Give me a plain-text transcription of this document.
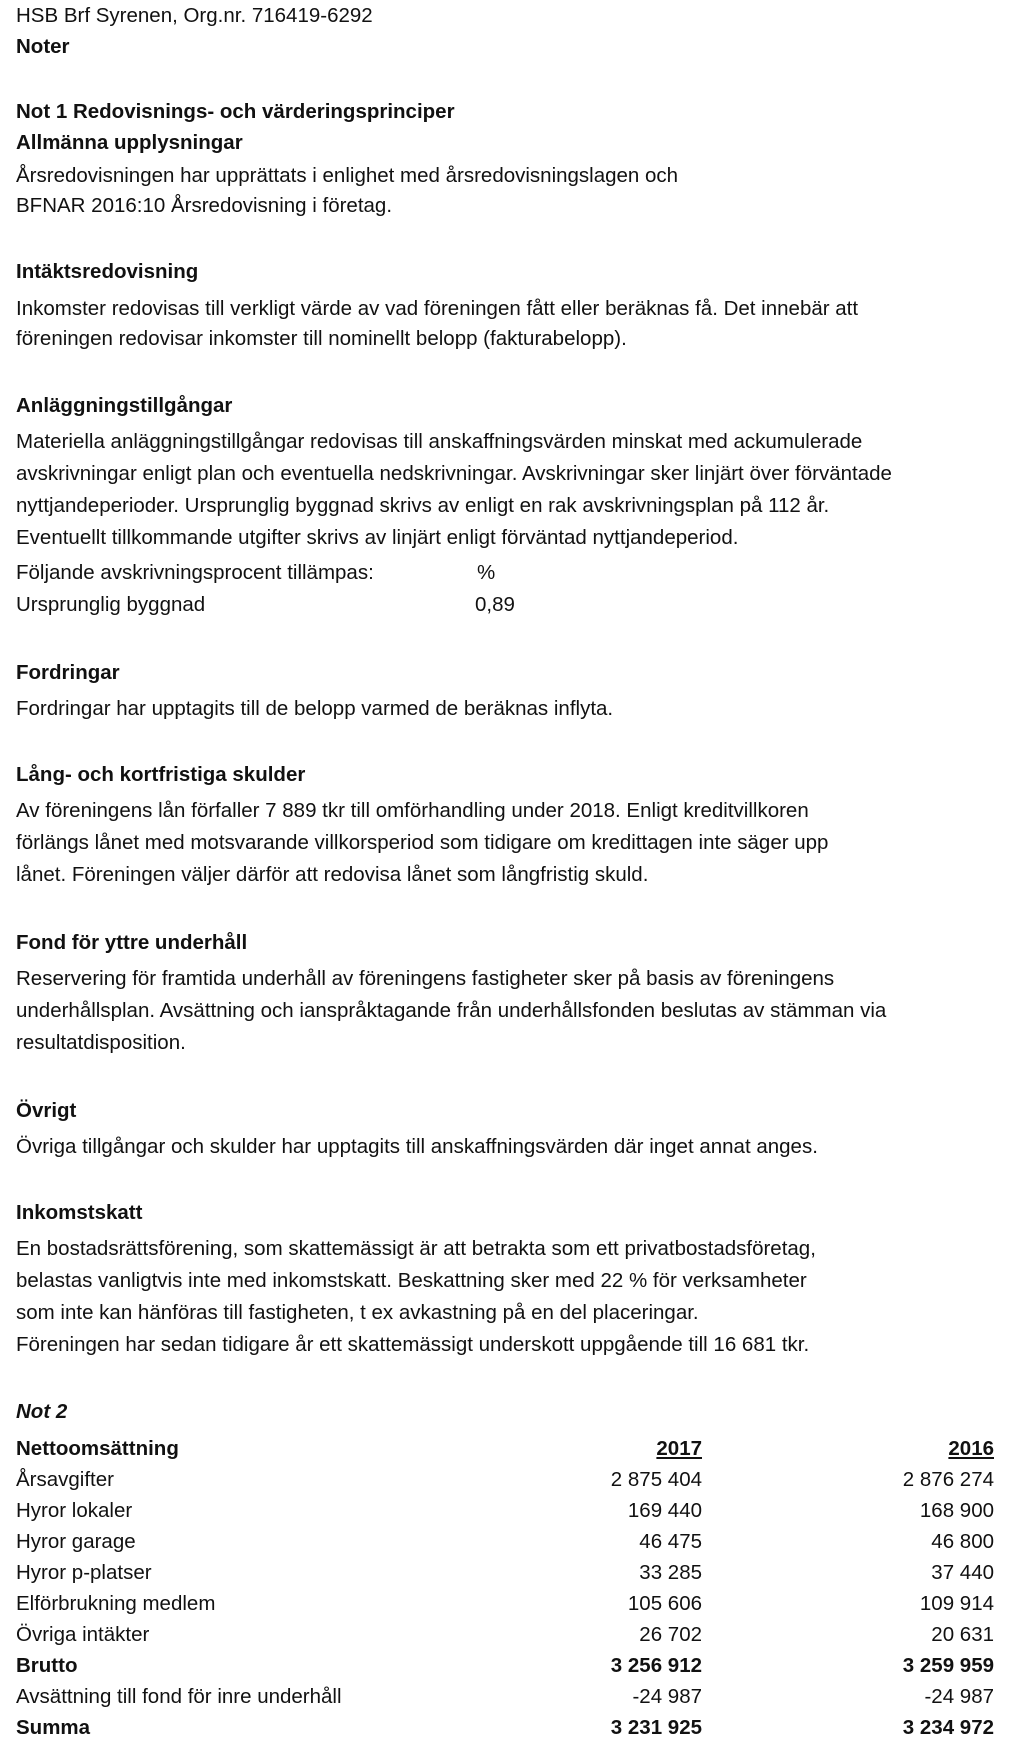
HSB Brf Syrenen, Org.nr. 716419-6292
Noter
Not 1 Redovisnings- och värderingsprinciper
Allmänna upplysningar
Årsredovisningen har upprättats i enlighet med årsredovisningslagen och
BFNAR 2016:10 Årsredovisning i företag.
Intäktsredovisning
Inkomster redovisas till verkligt värde av vad föreningen fått eller beräknas få. Det innebär att
föreningen redovisar inkomster till nominellt belopp (fakturabelopp).
Anläggningstillgångar
Materiella anläggningstillgångar redovisas till anskaffningsvärden minskat med ackumulerade
avskrivningar enligt plan och eventuella nedskrivningar. Avskrivningar sker linjärt över förväntade
nyttjandeperioder. Ursprunglig byggnad skrivs av enligt en rak avskrivningsplan på 112 år.
Eventuellt tillkommande utgifter skrivs av linjärt enligt förväntad nyttjandeperiod.
Följande avskrivningsprocent tillämpas:	%
Ursprunglig byggnad	0,89
Fordringar
Fordringar har upptagits till de belopp varmed de beräknas inflyta.
Lång- och kortfristiga skulder
Av föreningens lån förfaller 7 889 tkr till omförhandling under 2018. Enligt kreditvillkoren
förlängs lånet med motsvarande villkorsperiod som tidigare om kredittagen inte säger upp
lånet. Föreningen väljer därför att redovisa lånet som långfristig skuld.
Fond för yttre underhåll
Reservering för framtida underhåll av föreningens fastigheter sker på basis av föreningens
underhållsplan. Avsättning och ianspråktagande från underhållsfonden beslutas av stämman via
resultatdisposition.
Övrigt
Övriga tillgångar och skulder har upptagits till anskaffningsvärden där inget annat anges.
Inkomstskatt
En bostadsrättsförening, som skattemässigt är att betrakta som ett privatbostadsföretag,
belastas vanligtvis inte med inkomstskatt. Beskattning sker med 22 % för verksamheter
som inte kan hänföras till fastigheten, t ex avkastning på en del placeringar.
Föreningen har sedan tidigare år ett skattemässigt underskott uppgående till 16 681 tkr.
Not 2
Nettoomsättning	2017	2016
Årsavgifter	2 875 404	2 876 274
Hyror lokaler	169 440	168 900
Hyror garage	46 475	46 800
Hyror p-platser	33 285	37 440
Elförbrukning medlem	105 606	109 914
Övriga intäkter	26 702	20 631
Brutto	3 256 912	3 259 959
Avsättning till fond för inre underhåll	-24 987	-24 987
Summa	3 231 925	3 234 972
